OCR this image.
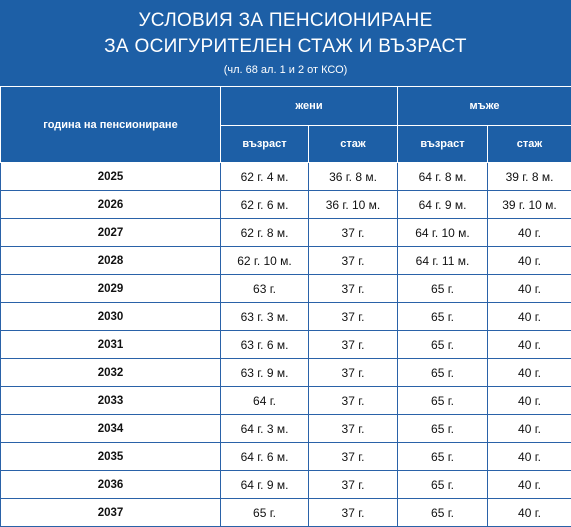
УСЛОВИЯ ЗА ПЕНСИОНИРАНЕ
ЗА ОСИГУРИТЕЛЕН СТАЖ И ВЪЗРАСТ
(чл. 68 ал. 1 и 2 от КСО)
година на пенсиониране	жени		мъже	
	възраст	стаж	възраст	стаж
2025	62 г. 4 м.	36 г. 8 м.	64 г. 8 м.	39 г. 8 м.
2026	62 г. 6 м.	36 г. 10 м.	64 г. 9 м.	39 г. 10 м.
2027	62 г. 8 м.	37 г.	64 г. 10 м.	40 г.
2028	62 г. 10 м.	37 г.	64 г. 11 м.	40 г.
2029	63 г.	37 г.	65 г.	40 г.
2030	63 г. 3 м.	37 г.	65 г.	40 г.
2031	63 г. 6 м.	37 г.	65 г.	40 г.
2032	63 г. 9 м.	37 г.	65 г.	40 г.
2033	64 г.	37 г.	65 г.	40 г.
2034	64 г. 3 м.	37 г.	65 г.	40 г.
2035	64 г. 6 м.	37 г.	65 г.	40 г.
2036	64 г. 9 м.	37 г.	65 г.	40 г.
2037	65 г.	37 г.	65 г.	40 г.
